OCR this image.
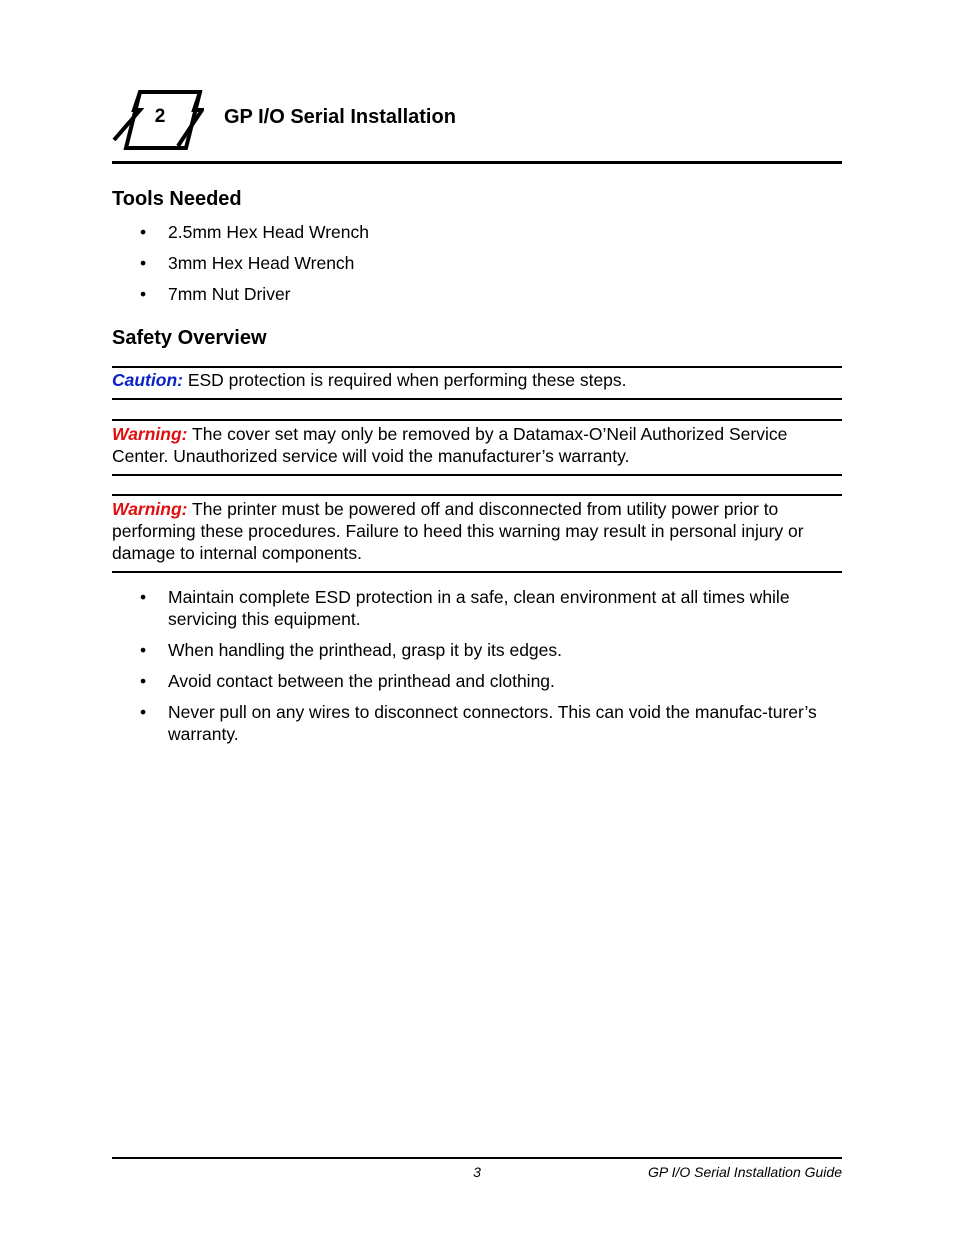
2	GP I/O Serial Installation
Tools Needed
• 2.5mm Hex Head Wrench
• 3mm Hex Head Wrench
• 7mm Nut Driver
Safety Overview
Caution: ESD protection is required when performing these steps.
Warning: The cover set may only be removed by a Datamax-O’Neil Authorized Service Center. Unauthorized service will void the manufacturer’s warranty.
Warning: The printer must be powered off and disconnected from utility power prior to performing these procedures. Failure to heed this warning may result in personal injury or damage to internal components.
• Maintain complete ESD protection in a safe, clean environment at all times while servicing this equipment.
• When handling the printhead, grasp it by its edges.
• Avoid contact between the printhead and clothing.
• Never pull on any wires to disconnect connectors. This can void the manufac-turer’s warranty.
3	GP I/O Serial Installation Guide
